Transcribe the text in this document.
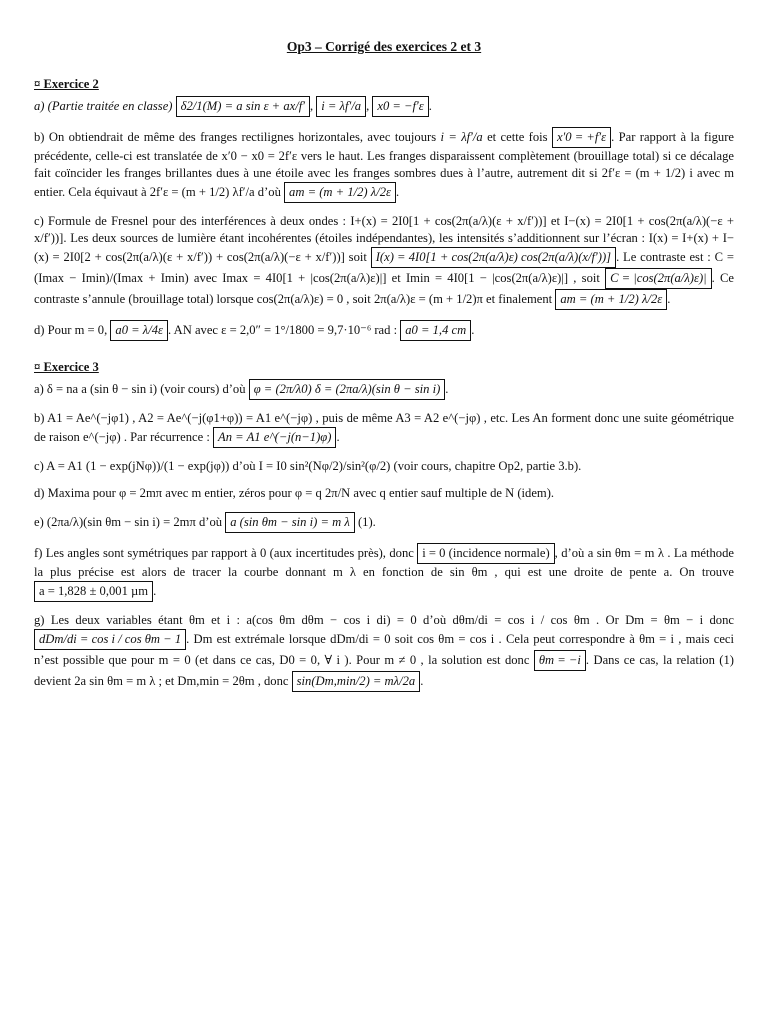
Op3 – Corrigé des exercices 2 et 3
¤ Exercice 2

a) (Partie traitée en classe) δ2/1(M) = a sin ε + ax/f′ , i = λf′/a , x0 = −f′ε .

b) On obtiendrait de même des franges rectilignes horizontales, avec toujours i = λf′/a et cette fois x′0 = +f′ε . Par rapport à la figure précédente, celle-ci est translatée de x′0 − x0 = 2f′ε vers le haut. Les franges disparaissent complètement (brouillage total) si ce décalage fait coïncider les franges brillantes dues à une étoile avec les franges sombres dues à l’autre, autrement dit si 2f′ε = (m + 1/2) i avec m entier. Cela équivaut à 2f′ε = (m + 1/2) λf′/a d’où am = (m + 1/2) λ/2ε .

c) Formule de Fresnel pour des interférences à deux ondes : I+(x) = 2I0[1 + cos(2π(a/λ)(ε + x/f′))] et I−(x) = 2I0[1 + cos(2π(a/λ)(−ε + x/f′))]. Les deux sources de lumière étant incohérentes (étoiles indépendantes), les intensités s’additionnent sur l’écran : I(x) = I+(x) + I−(x) = 2I0[2 + cos(2π(a/λ)(ε + x/f′)) + cos(2π(a/λ)(−ε + x/f′))] soit I(x) = 4I0[1 + cos(2π(a/λ)ε) cos(2π(a/λ)(x/f′))] . Le contraste est : C = (Imax − Imin)/(Imax + Imin) avec Imax = 4I0[1 + |cos(2π(a/λ)ε)|] et Imin = 4I0[1 − |cos(2π(a/λ)ε)|] , soit C = |cos(2π(a/λ)ε)| . Ce contraste s’annule (brouillage total) lorsque cos(2π(a/λ)ε) = 0 , soit 2π(a/λ)ε = (m + 1/2)π et finalement am = (m + 1/2) λ/2ε .

d) Pour m = 0, a0 = λ/4ε . AN avec ε = 2,0″ = 1°/1800 = 9,7·10⁻⁶ rad : a0 = 1,4 cm .

¤ Exercice 3

a) δ = na a (sin θ − sin i) (voir cours) d’où φ = (2π/λ0) δ = (2πa/λ)(sin θ − sin i) .

b) A1 = Ae^(−jφ1) , A2 = Ae^(−j(φ1+φ)) = A1 e^(−jφ) , puis de même A3 = A2 e^(−jφ) , etc. Les An forment donc une suite géométrique de raison e^(−jφ) . Par récurrence : An = A1 e^(−j(n−1)φ) .

c) A = A1 (1 − exp(jNφ))/(1 − exp(jφ)) d’où I = I0 sin²(Nφ/2)/sin²(φ/2) (voir cours, chapitre Op2, partie 3.b).

d) Maxima pour φ = 2mπ avec m entier, zéros pour φ = q 2π/N avec q entier sauf multiple de N (idem).

e) (2πa/λ)(sin θm − sin i) = 2mπ d’où a (sin θm − sin i) = m λ (1).

f) Les angles sont symétriques par rapport à 0 (aux incertitudes près), donc i = 0 (incidence normale) , d’où a sin θm = m λ . La méthode la plus précise est alors de tracer la courbe donnant m λ en fonction de sin θm , qui est une droite de pente a. On trouve a = 1,828 ± 0,001 µm .

g) Les deux variables étant θm et i : a(cos θm dθm − cos i di) = 0 d’où dθm/di = cos i / cos θm . Or Dm = θm − i donc dDm/di = cos i / cos θm − 1 . Dm est extrémale lorsque dDm/di = 0 soit cos θm = cos i . Cela peut correspondre à θm = i , mais ceci n’est possible que pour m = 0 (et dans ce cas, D0 = 0, ∀ i ). Pour m ≠ 0 , la solution est donc θm = −i . Dans ce cas, la relation (1) devient 2a sin θm = m λ ; et Dm,min = 2θm , donc sin(Dm,min/2) = mλ/2a .
